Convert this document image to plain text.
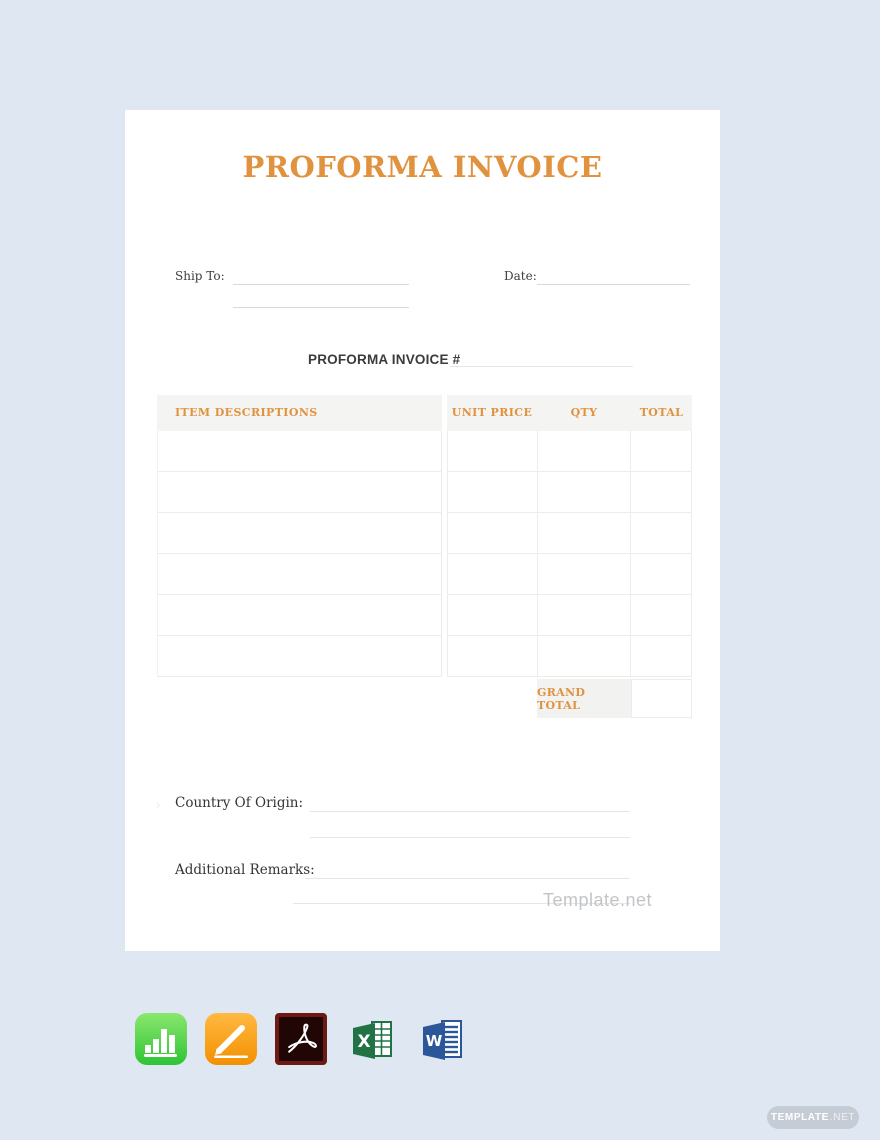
PROFORMA INVOICE
Ship To:	Date:
PROFORMA INVOICE #
ITEM DESCRIPTIONS	UNIT PRICE	QTY	TOTAL
GRAND TOTAL
› Country Of Origin:
Additional Remarks:
Template.net
X	W
TEMPLATE .NET
